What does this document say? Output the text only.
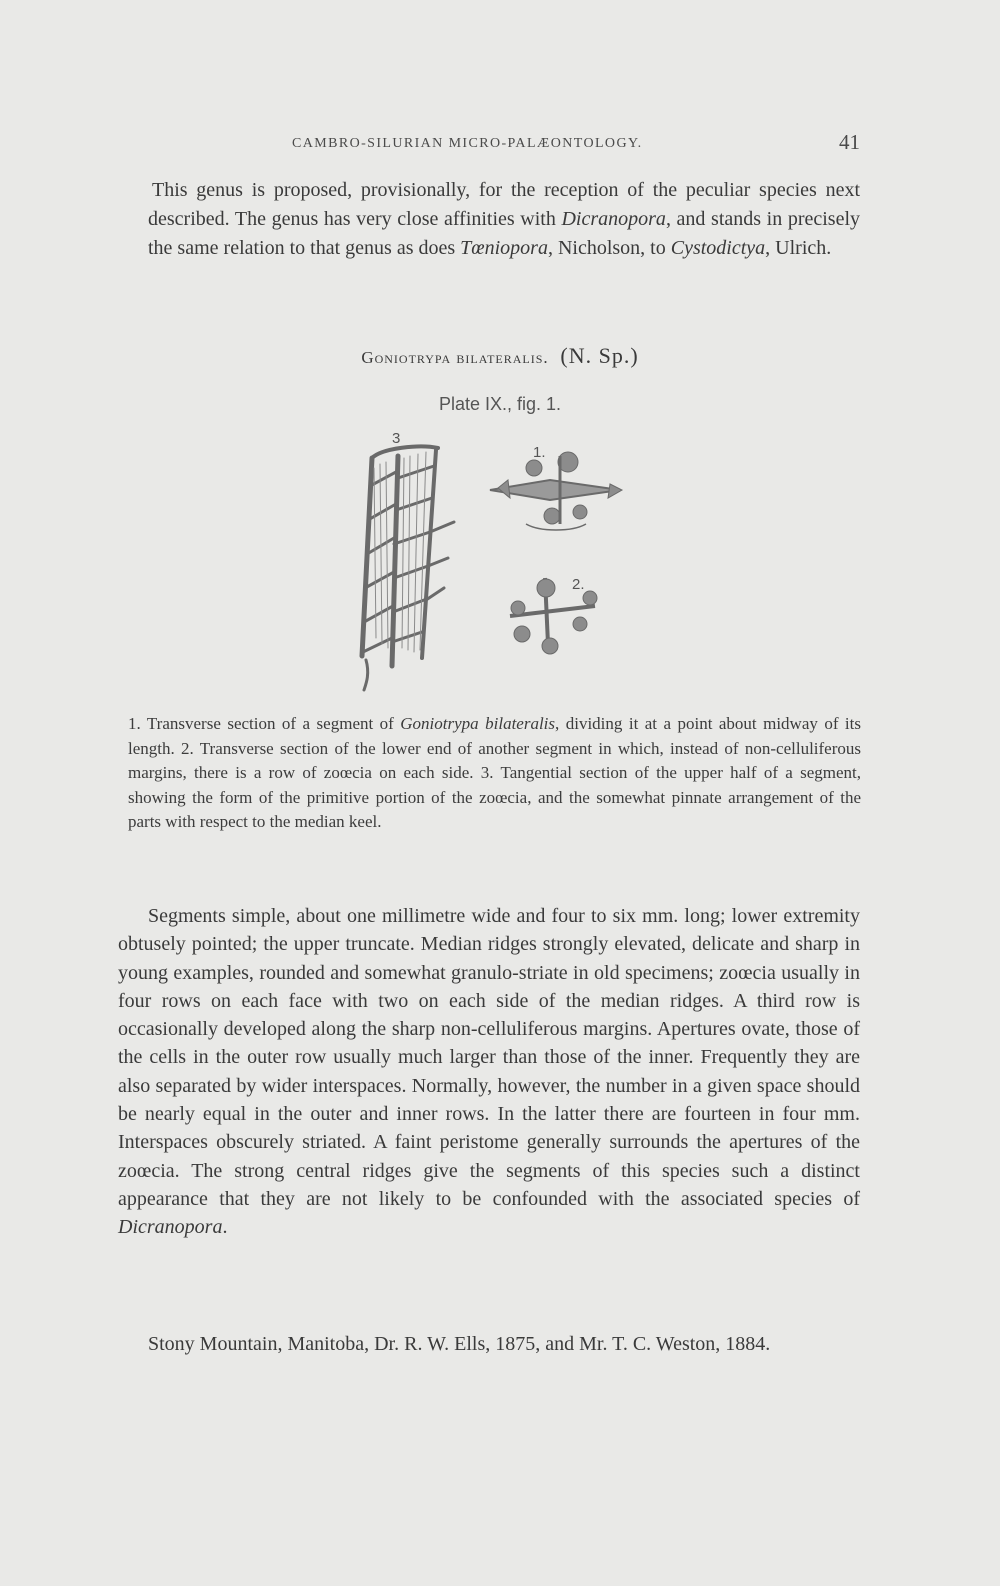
CAMBRO-SILURIAN MICRO-PALÆONTOLOGY.	41

This genus is proposed, provisionally, for the reception of the peculiar species next described. The genus has very close affinities with Dicranopora, and stands in precisely the same relation to that genus as does Tœniopora, Nicholson, to Cystodictya, Ulrich.

Goniotrypa bilateralis. (N. Sp.)
Plate IX., fig. 1.
3
1.
2.

1. Transverse section of a segment of Goniotrypa bilateralis, dividing it at a point about midway of its length. 2. Transverse section of the lower end of another segment in which, instead of non-celluliferous margins, there is a row of zoœcia on each side. 3. Tangential section of the upper half of a segment, showing the form of the primitive portion of the zoœcia, and the somewhat pinnate arrangement of the parts with respect to the median keel.

Segments simple, about one millimetre wide and four to six mm. long; lower extremity obtusely pointed; the upper truncate. Median ridges strongly elevated, delicate and sharp in young examples, rounded and somewhat granulo-striate in old specimens; zoœcia usually in four rows on each face with two on each side of the median ridges. A third row is occasionally developed along the sharp non-celluliferous margins. Apertures ovate, those of the cells in the outer row usually much larger than those of the inner. Frequently they are also separated by wider interspaces. Normally, however, the number in a given space should be nearly equal in the outer and inner rows. In the latter there are fourteen in four mm. Interspaces obscurely striated. A faint peristome generally surrounds the apertures of the zoœcia. The strong central ridges give the segments of this species such a distinct appearance that they are not likely to be confounded with the associated species of Dicranopora.

Stony Mountain, Manitoba, Dr. R. W. Ells, 1875, and Mr. T. C. Weston, 1884.
